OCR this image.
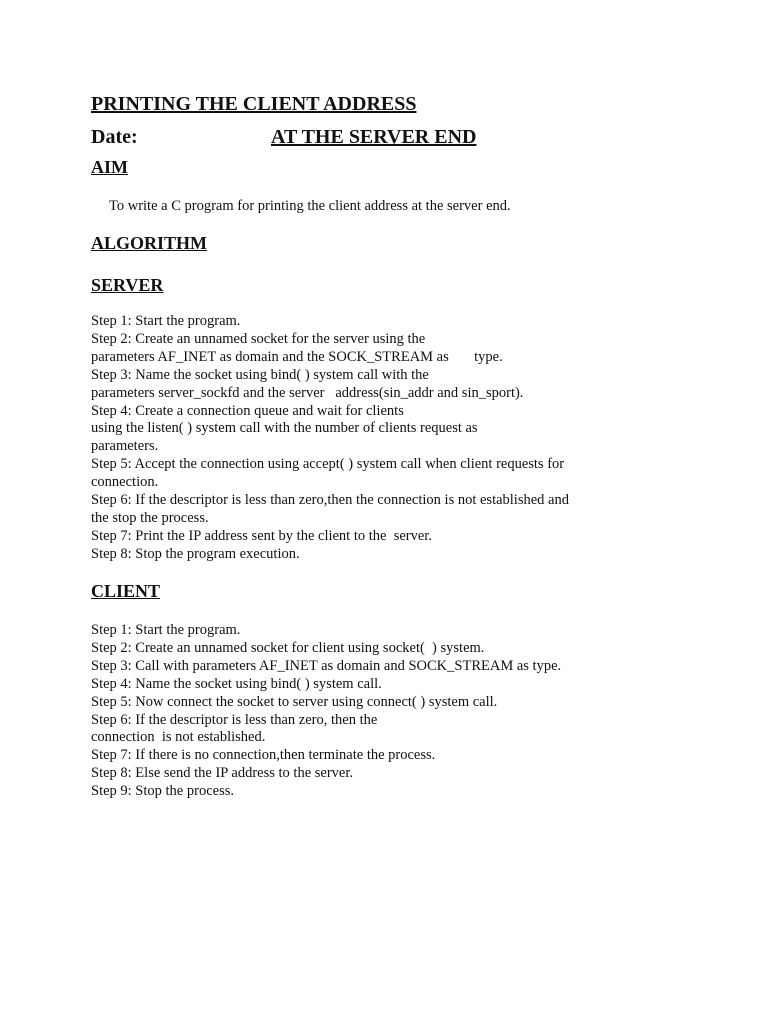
PRINTING THE CLIENT ADDRESS
Date:	AT THE SERVER END
AIM

To write a C program for printing the client address at the server end.

ALGORITHM
SERVER
Step 1: Start the program.
Step 2: Create an unnamed socket for the server using the
parameters AF_INET as domain and the SOCK_STREAM as       type.
Step 3: Name the socket using bind( ) system call with the
parameters server_sockfd and the server   address(sin_addr and sin_sport).
Step 4: Create a connection queue and wait for clients
using the listen( ) system call with the number of clients request as
parameters.
Step 5: Accept the connection using accept( ) system call when client requests for
connection.
Step 6: If the descriptor is less than zero,then the connection is not established and
the stop the process.
Step 7: Print the IP address sent by the client to the  server.
Step 8: Stop the program execution.
CLIENT
Step 1: Start the program.
Step 2: Create an unnamed socket for client using socket(  ) system.
Step 3: Call with parameters AF_INET as domain and SOCK_STREAM as type.
Step 4: Name the socket using bind( ) system call.
Step 5: Now connect the socket to server using connect( ) system call.
Step 6: If the descriptor is less than zero, then the
connection  is not established.
Step 7: If there is no connection,then terminate the process.
Step 8: Else send the IP address to the server.
Step 9: Stop the process.
